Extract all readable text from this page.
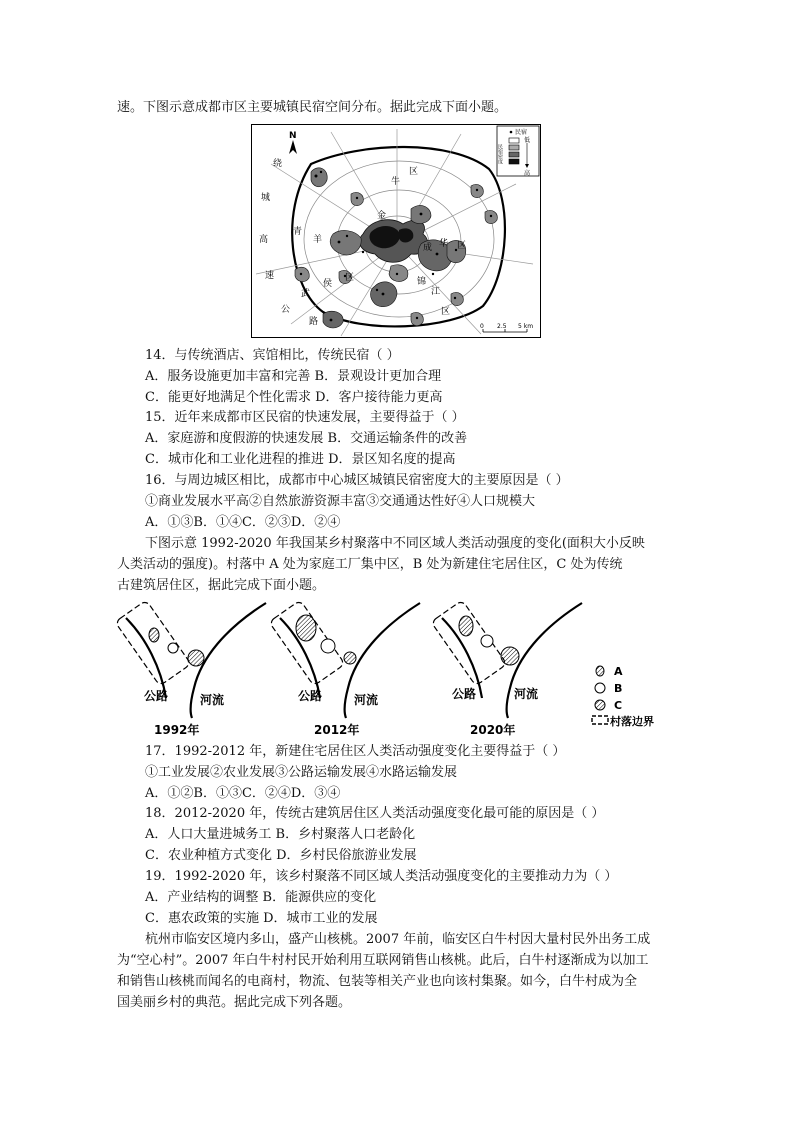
速。下图示意成都市区主要城镇民宿空间分布。据此完成下面小题。
N
绕
城
高
速
公
路
青
羊
牛
区
金
成 华 区
武
侯
区	锦
江
区
民宿
民宿密度
低
高
0 2.5 5 km
14．与传统酒店、宾馆相比，传统民宿（ ）
A．服务设施更加丰富和完善 B．景观设计更加合理
C．能更好地满足个性化需求 D．客户接待能力更高
15．近年来成都市区民宿的快速发展，主要得益于（ ）
A．家庭游和度假游的快速发展 B．交通运输条件的改善
C．城市化和工业化进程的推进 D．景区知名度的提高
16．与周边城区相比，成都市中心城区城镇民宿密度大的主要原因是（ ）
①商业发展水平高②自然旅游资源丰富③交通通达性好④人口规模大
A．①③B．①④C．②③D．②④
下图示意 1992-2020 年我国某乡村聚落中不同区域人类活动强度的变化(面积大小反映
人类活动的强度)。村落中 A 处为家庭工厂集中区，B 处为新建住宅居住区，C 处为传统
古建筑居住区，据此完成下面小题。
公路	河流
1992年
公路	河流
2012年
公路	河流
2020年
A
B
C
村落边界
17．1992-2012 年，新建住宅居住区人类活动强度变化主要得益于（ ）
①工业发展②农业发展③公路运输发展④水路运输发展
A．①②B．①③C．②④D．③④
18．2012-2020 年，传统古建筑居住区人类活动强度变化最可能的原因是（ ）
A．人口大量进城务工 B．乡村聚落人口老龄化
C．农业种植方式变化 D．乡村民俗旅游业发展
19．1992-2020 年，该乡村聚落不同区域人类活动强度变化的主要推动力为（ ）
A．产业结构的调整 B．能源供应的变化
C．惠农政策的实施 D．城市工业的发展
杭州市临安区境内多山，盛产山核桃。2007 年前，临安区白牛村因大量村民外出务工成
为“空心村”。2007 年白牛村村民开始利用互联网销售山核桃。此后，白牛村逐渐成为以加工
和销售山核桃而闻名的电商村，物流、包装等相关产业也向该村集聚。如今，白牛村成为全
国美丽乡村的典范。据此完成下列各题。
